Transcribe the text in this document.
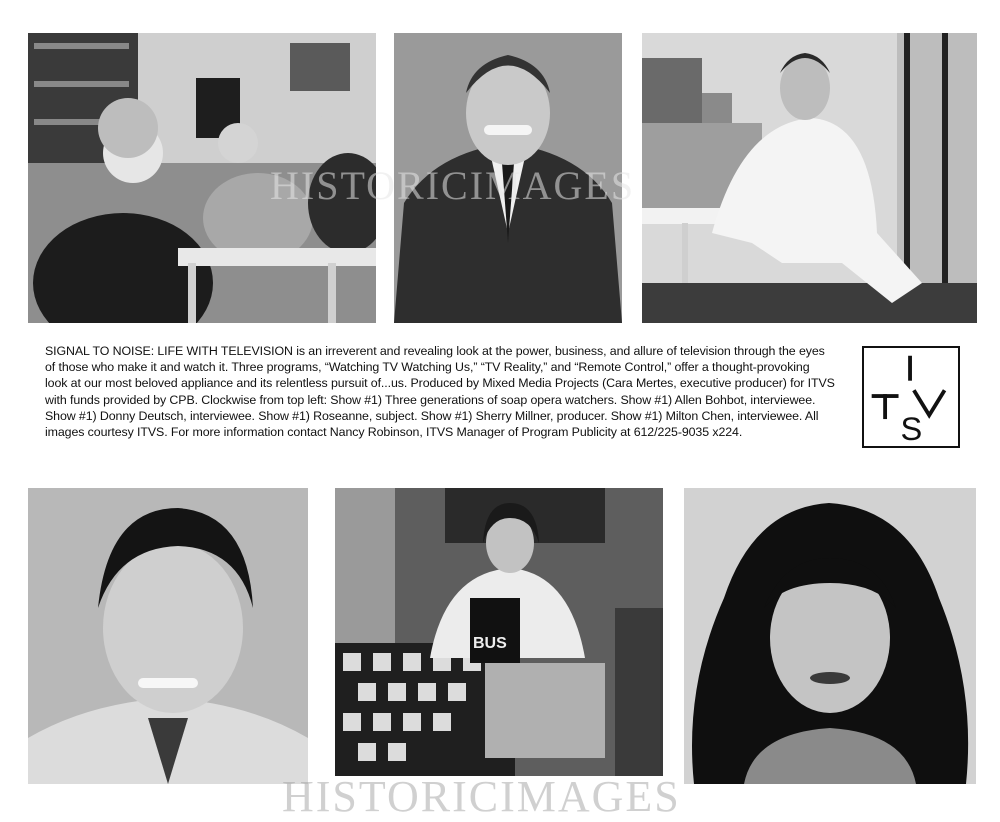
SIGNAL TO NOISE: LIFE WITH TELEVISION is an irreverent and revealing look at the power, business, and allure of television through the eyes of those who make it and watch it. Three programs, “Watching TV Watching Us,” “TV Reality,” and “Remote Control,” offer a thought-provoking look at our most beloved appliance and its relentless pursuit of...us. Produced by Mixed Media Projects (Cara Mertes, executive producer) for ITVS with funds provided by CPB. Clockwise from top left: Show #1) Three generations of soap opera watchers. Show #1) Allen Bohbot, interviewee. Show #1) Donny Deutsch, interviewee. Show #1) Roseanne, subject. Show #1) Sherry Millner, producer. Show #1) Milton Chen, interviewee. All images courtesy ITVS. For more information contact Nancy Robinson, ITVS Manager of Program Publicity at 612/225-9035 x224.	S
BUS
HISTORICIMAGES
HISTORICIMAGES
